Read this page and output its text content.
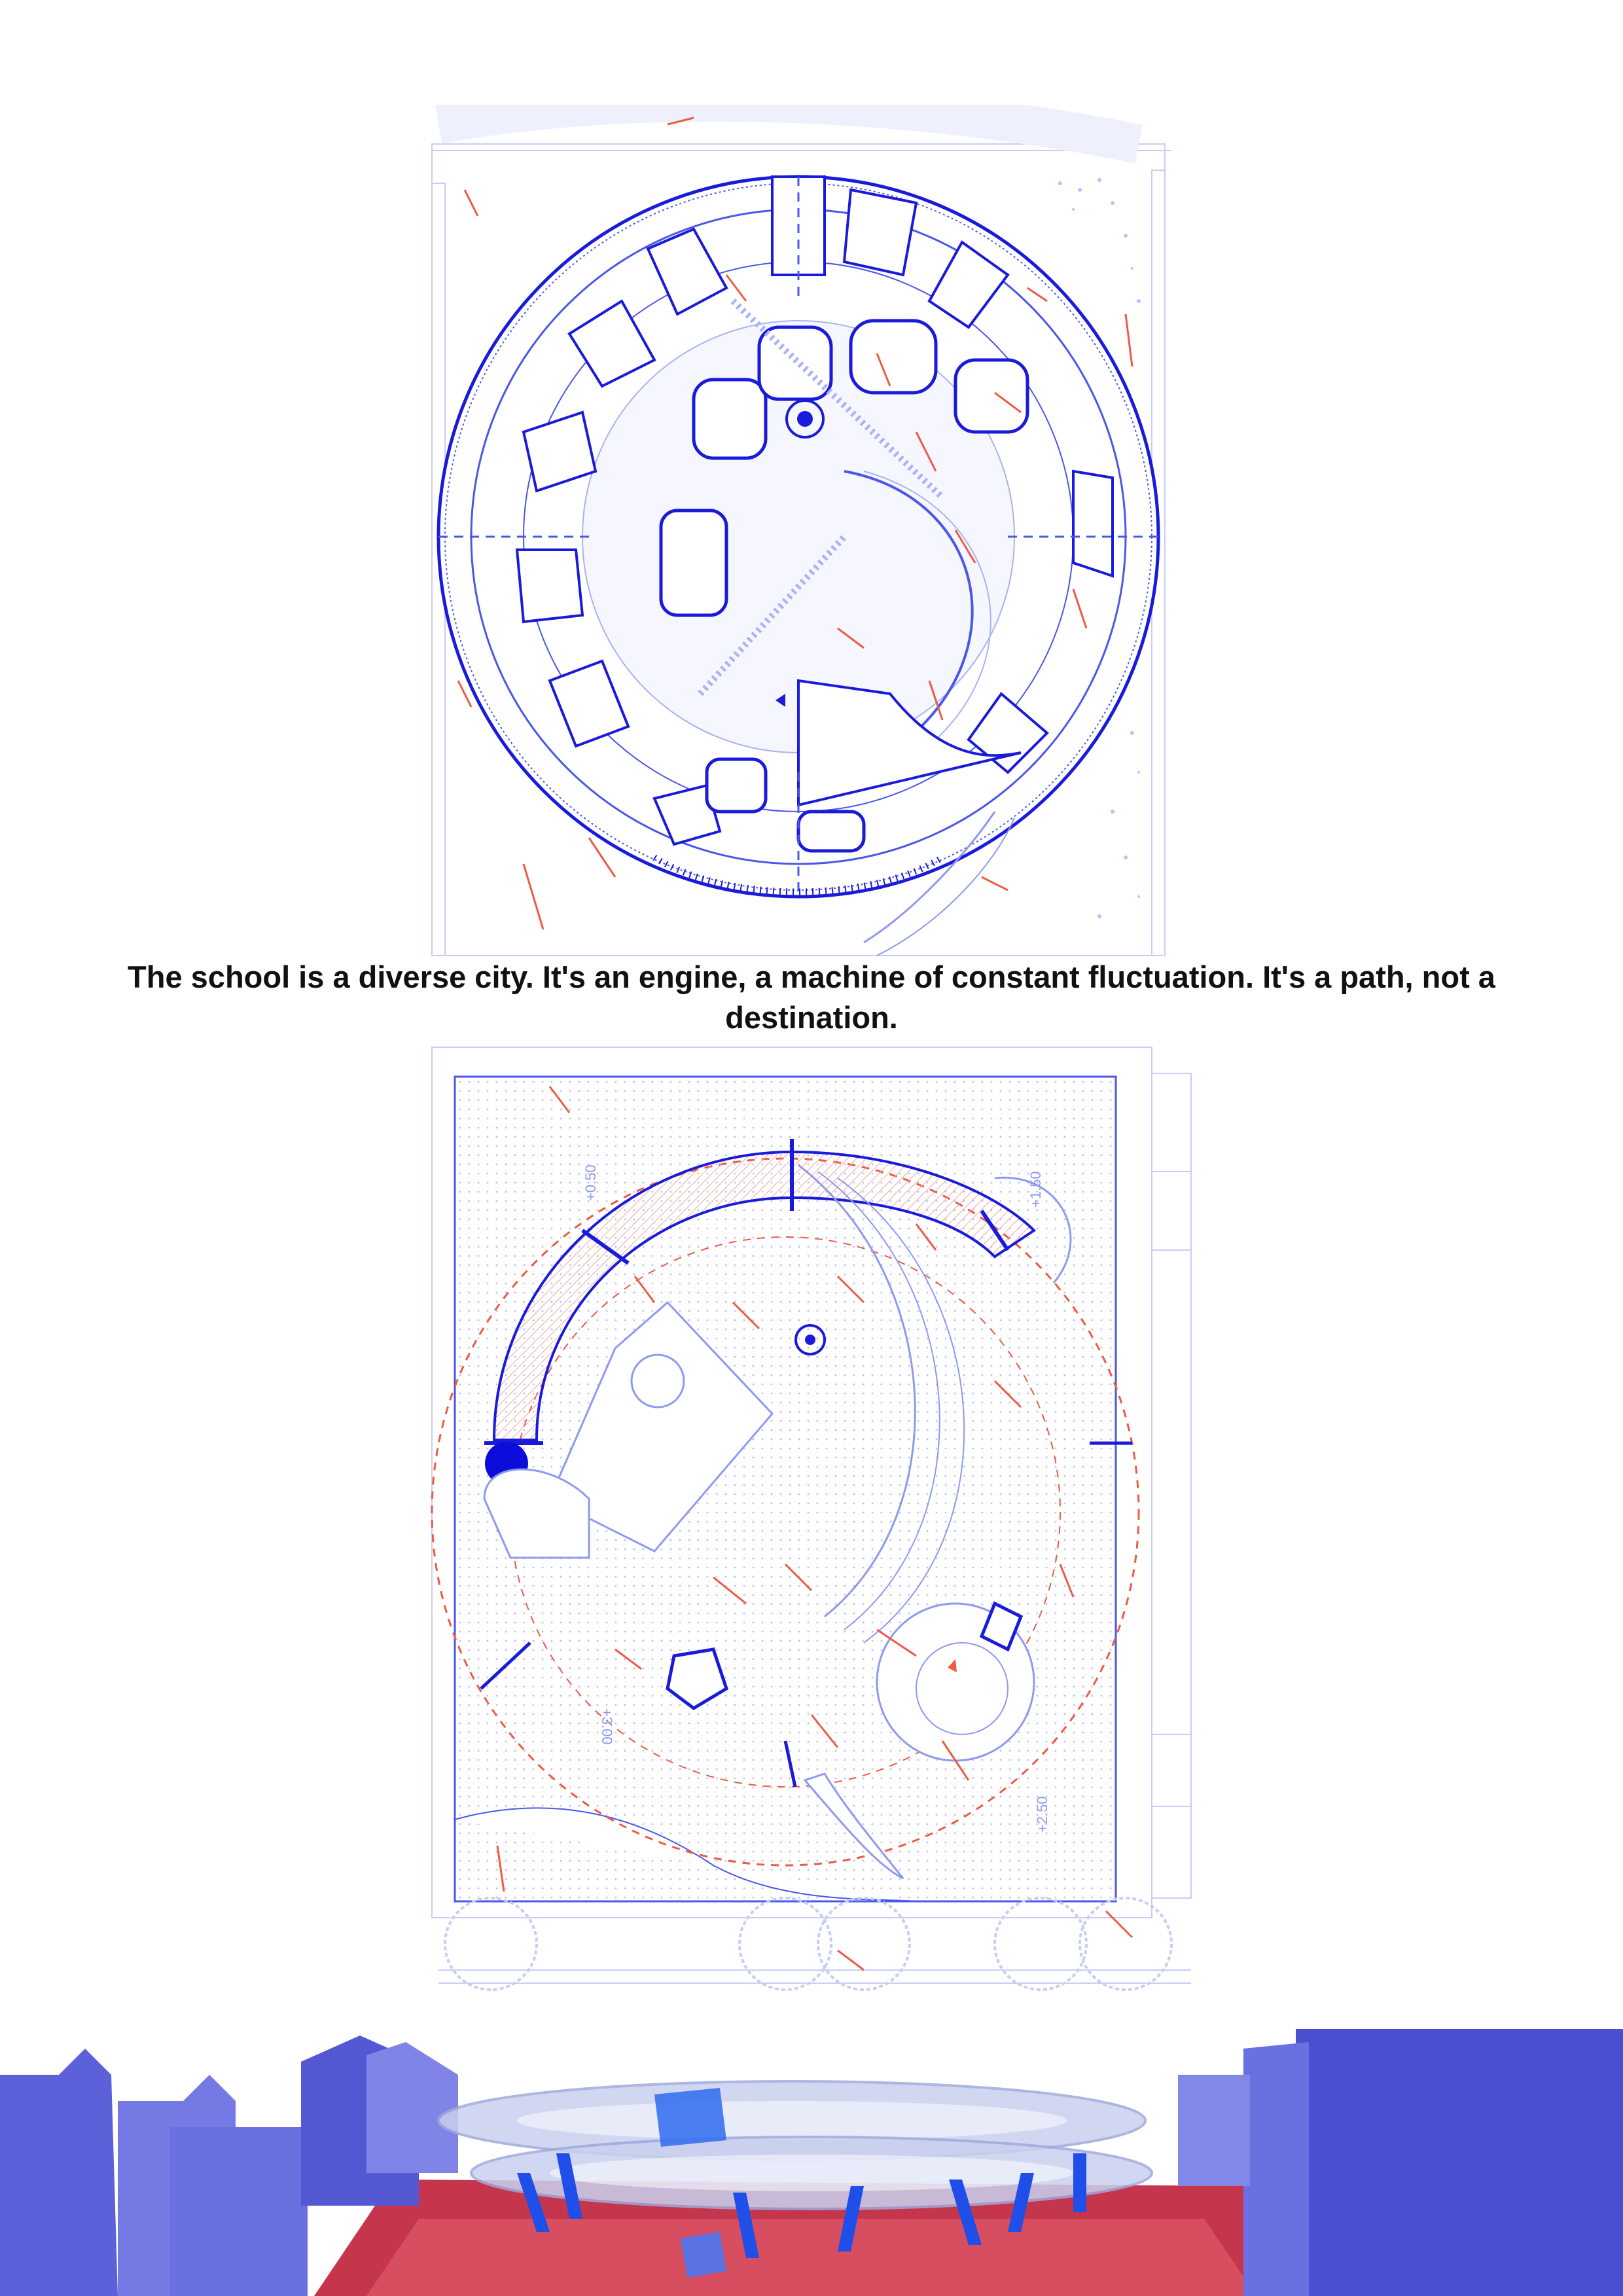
The school is a diverse city. It's an engine, a machine of constant fluctuation. It's a path, not a destination.

+0.50
+3.00
+1.50
+2.50
